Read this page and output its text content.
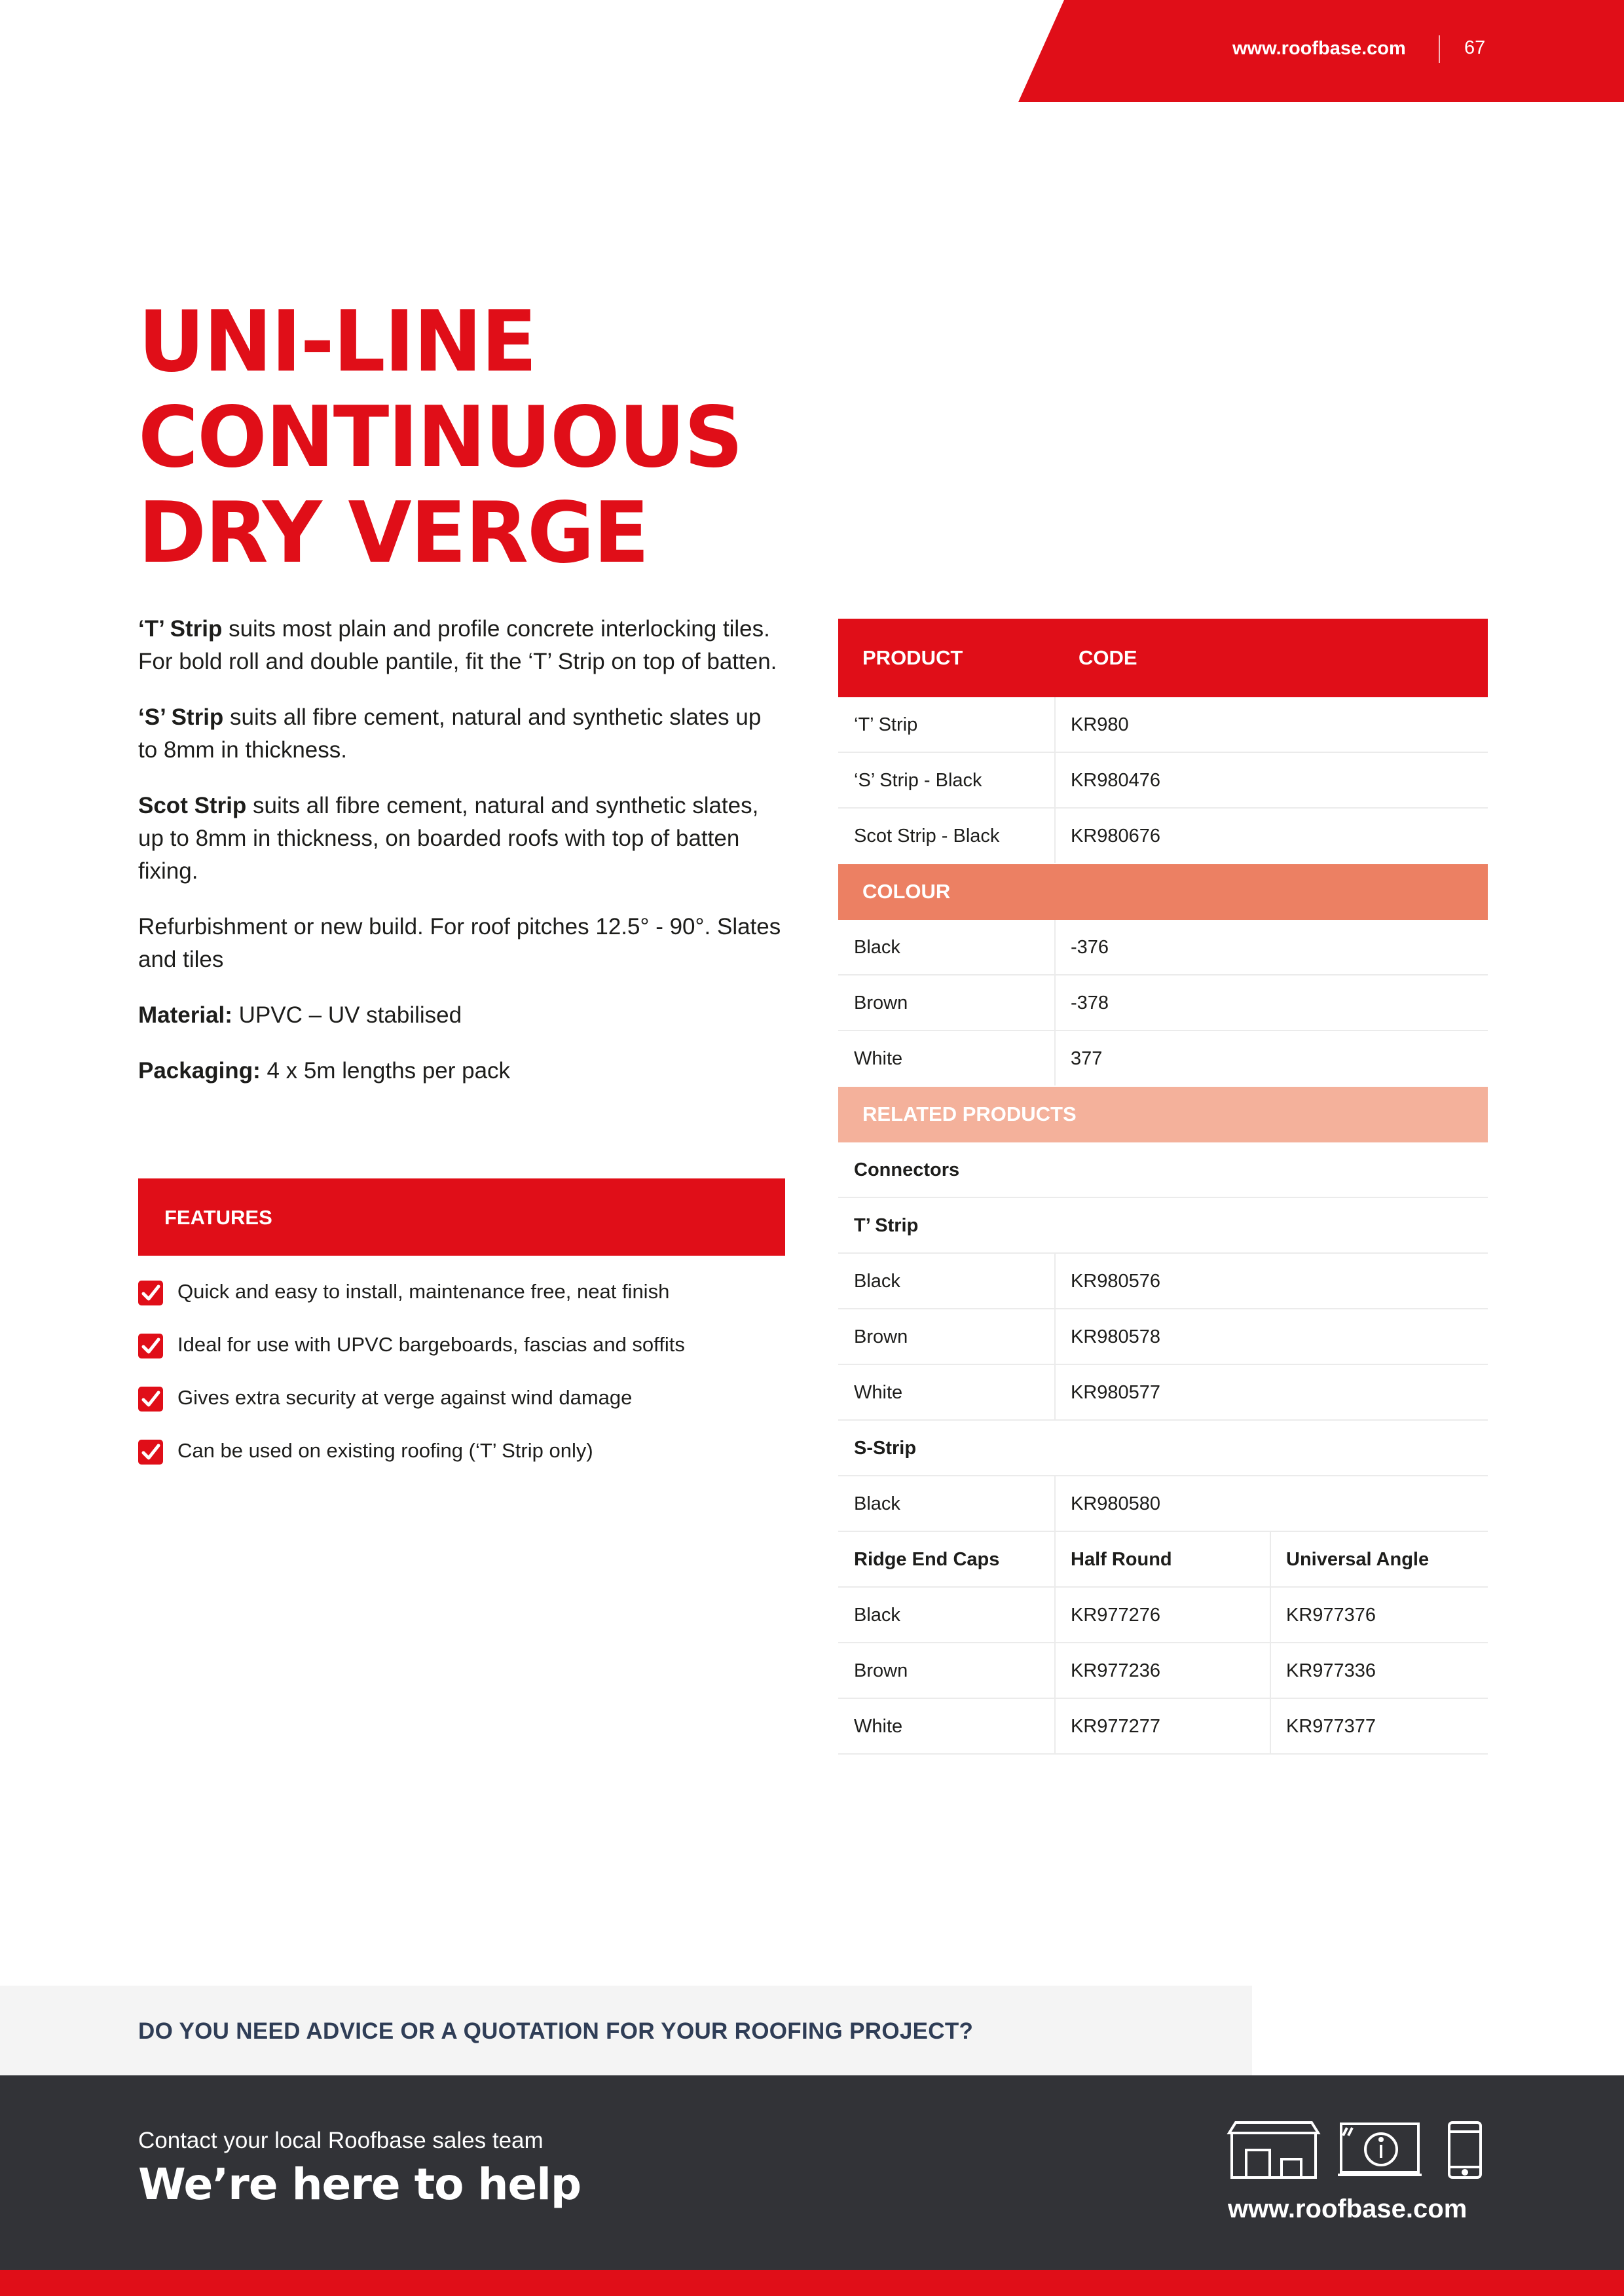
www.roofbase.com	67
UNI-LINE
CONTINUOUS
DRY VERGE

‘T’ Strip suits most plain and profile concrete interlocking tiles. For bold roll and double pantile, fit the ‘T’ Strip on top of batten.

‘S’ Strip suits all fibre cement, natural and synthetic slates up to 8mm in thickness.

Scot Strip suits all fibre cement, natural and synthetic slates, up to 8mm in thickness, on boarded roofs with top of batten fixing.

Refurbishment or new build. For roof pitches 12.5° - 90°. Slates and tiles

Material: UPVC – UV stabilised

Packaging: 4 x 5m lengths per pack

FEATURES
Quick and easy to install, maintenance free, neat finish
Ideal for use with UPVC bargeboards, fascias and soffits
Gives extra security at verge against wind damage
Can be used on existing roofing (‘T’ Strip only)
PRODUCT	CODE
‘T’ Strip	KR980
‘S’ Strip - Black	KR980476
Scot Strip - Black	KR980676
COLOUR
Black	-376
Brown	-378
White	377
RELATED PRODUCTS
Connectors
T’ Strip
Black	KR980576
Brown	KR980578
White	KR980577
S-Strip
Black	KR980580
Ridge End Caps	Half Round	Universal Angle
Black	KR977276	KR977376
Brown	KR977236	KR977336
White	KR977277	KR977377
DO YOU NEED ADVICE OR A QUOTATION FOR YOUR ROOFING PROJECT?
Contact your local Roofbase sales team
We’re here to help	www.roofbase.com
